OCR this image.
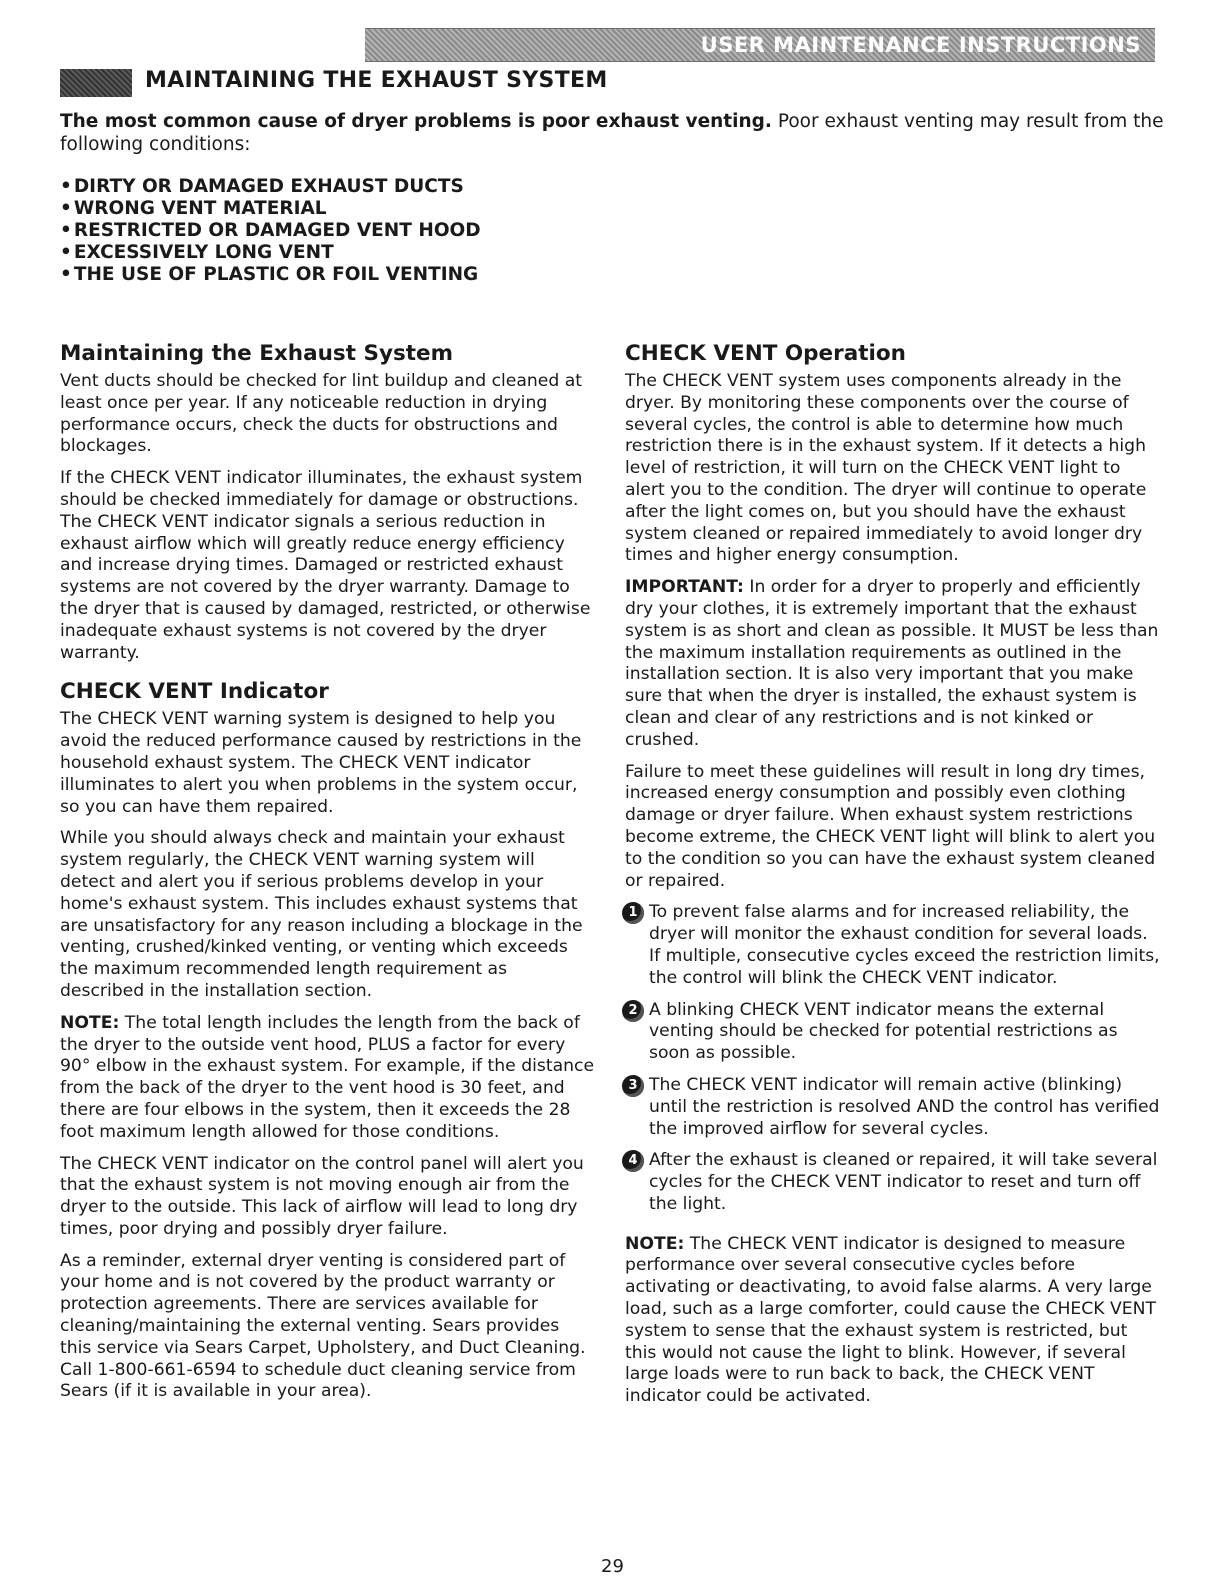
USER MAINTENANCE INSTRUCTIONS
MAINTAINING THE EXHAUST SYSTEM

The most common cause of dryer problems is poor exhaust venting. Poor exhaust venting may result from the following conditions:

• DIRTY OR DAMAGED EXHAUST DUCTS
• WRONG VENT MATERIAL
• RESTRICTED OR DAMAGED VENT HOOD
• EXCESSIVELY LONG VENT
• THE USE OF PLASTIC OR FOIL VENTING
Maintaining the Exhaust System

Vent ducts should be checked for lint buildup and cleaned at least once per year. If any noticeable reduction in drying performance occurs, check the ducts for obstructions and blockages.

If the CHECK VENT indicator illuminates, the exhaust system should be checked immediately for damage or obstructions. The CHECK VENT indicator signals a serious reduction in exhaust airflow which will greatly reduce energy efficiency and increase drying times. Damaged or restricted exhaust systems are not covered by the dryer warranty. Damage to the dryer that is caused by damaged, restricted, or otherwise inadequate exhaust systems is not covered by the dryer warranty.

CHECK VENT Indicator

The CHECK VENT warning system is designed to help you avoid the reduced performance caused by restrictions in the household exhaust system. The CHECK VENT indicator illuminates to alert you when problems in the system occur, so you can have them repaired.

While you should always check and maintain your exhaust system regularly, the CHECK VENT warning system will detect and alert you if serious problems develop in your home's exhaust system. This includes exhaust systems that are unsatisfactory for any reason including a blockage in the venting, crushed/kinked venting, or venting which exceeds the maximum recommended length requirement as described in the installation section.

NOTE: The total length includes the length from the back of the dryer to the outside vent hood, PLUS a factor for every 90° elbow in the exhaust system. For example, if the distance from the back of the dryer to the vent hood is 30 feet, and there are four elbows in the system, then it exceeds the 28 foot maximum length allowed for those conditions.

The CHECK VENT indicator on the control panel will alert you that the exhaust system is not moving enough air from the dryer to the outside. This lack of airflow will lead to long dry times, poor drying and possibly dryer failure.

As a reminder, external dryer venting is considered part of your home and is not covered by the product warranty or protection agreements. There are services available for cleaning/maintaining the external venting. Sears provides this service via Sears Carpet, Upholstery, and Duct Cleaning. Call 1-800-661-6594 to schedule duct cleaning service from Sears (if it is available in your area).

CHECK VENT Operation

The CHECK VENT system uses components already in the dryer. By monitoring these components over the course of several cycles, the control is able to determine how much restriction there is in the exhaust system. If it detects a high level of restriction, it will turn on the CHECK VENT light to alert you to the condition. The dryer will continue to operate after the light comes on, but you should have the exhaust system cleaned or repaired immediately to avoid longer dry times and higher energy consumption.

IMPORTANT: In order for a dryer to properly and efficiently dry your clothes, it is extremely important that the exhaust system is as short and clean as possible. It MUST be less than the maximum installation requirements as outlined in the installation section. It is also very important that you make sure that when the dryer is installed, the exhaust system is clean and clear of any restrictions and is not kinked or crushed.

Failure to meet these guidelines will result in long dry times, increased energy consumption and possibly even clothing damage or dryer failure. When exhaust system restrictions become extreme, the CHECK VENT light will blink to alert you to the condition so you can have the exhaust system cleaned or repaired.

1 To prevent false alarms and for increased reliability, the dryer will monitor the exhaust condition for several loads. If multiple, consecutive cycles exceed the restriction limits, the control will blink the CHECK VENT indicator.
2 A blinking CHECK VENT indicator means the external venting should be checked for potential restrictions as soon as possible.
3 The CHECK VENT indicator will remain active (blinking) until the restriction is resolved AND the control has verified the improved airflow for several cycles.
4 After the exhaust is cleaned or repaired, it will take several cycles for the CHECK VENT indicator to reset and turn off the light.

NOTE: The CHECK VENT indicator is designed to measure performance over several consecutive cycles before activating or deactivating, to avoid false alarms. A very large load, such as a large comforter, could cause the CHECK VENT system to sense that the exhaust system is restricted, but this would not cause the light to blink. However, if several large loads were to run back to back, the CHECK VENT indicator could be activated.

29
